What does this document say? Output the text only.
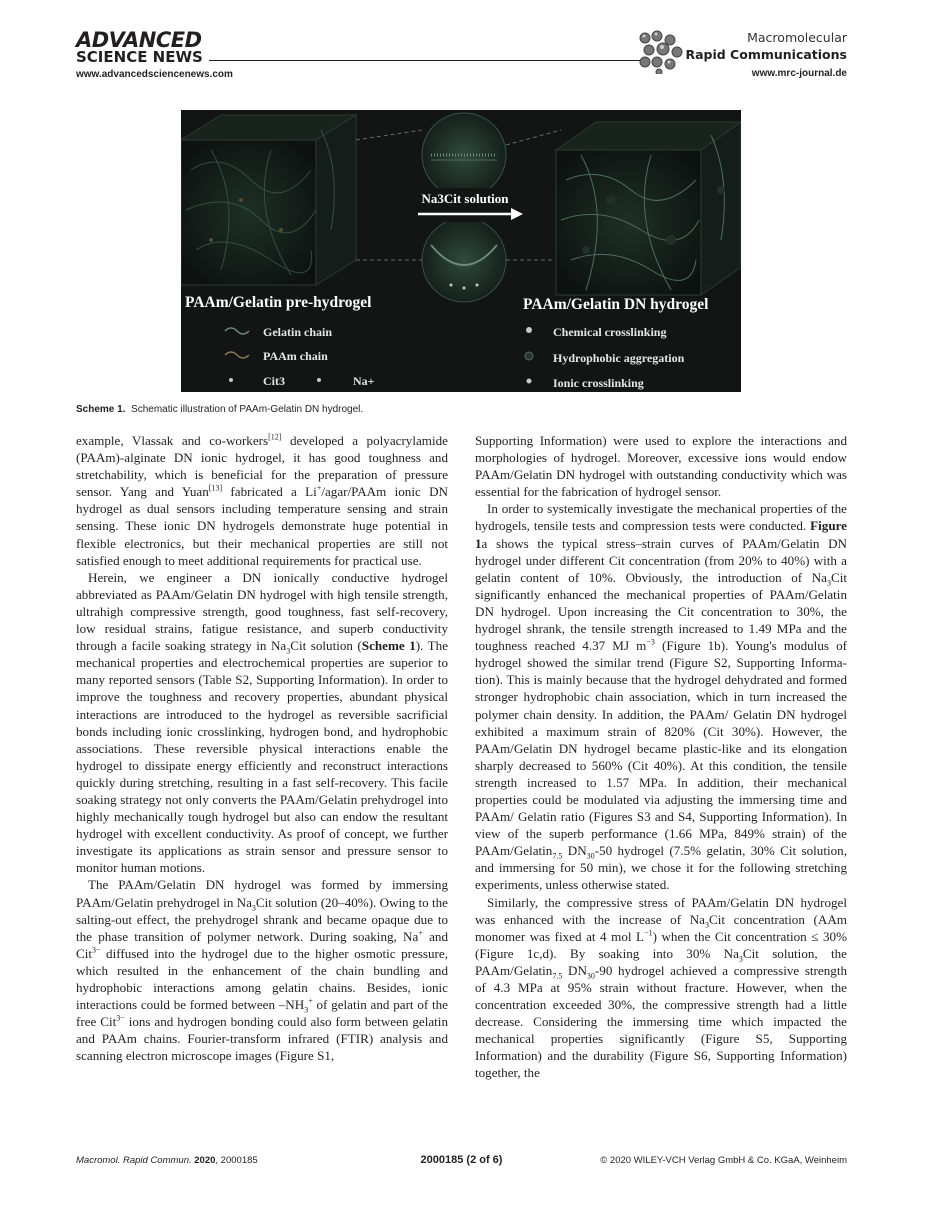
ADVANCED
SCIENCE NEWS
www.advancedsciencenews.com
Macromolecular
Rapid Communications
www.mrc-journal.de
Na3Cit solution
PAAm/Gelatin pre-hydrogel	PAAm/Gelatin DN hydrogel
Gelatin chain
PAAm chain
Cit3	Na+
Chemical crosslinking
Hydrophobic aggregation
Ionic crosslinking
Scheme 1. Schematic illustration of PAAm-Gelatin DN hydrogel.

example, Vlassak and co-workers[12] developed a polyacrylamide (PAAm)-alginate DN ionic hydrogel, it has good toughness and stretchability, which is beneficial for the preparation of pressure sensor. Yang and Yuan[13] fabricated a Li+/agar/PAAm ionic DN hydrogel as dual sensors including temperature sensing and strain sensing. These ionic DN hydrogels demonstrate huge potential in flexible electronics, but their mechanical properties are still not satisfied enough to meet additional requirements for practical use.

Herein, we engineer a DN ionically conductive hydrogel abbreviated as PAAm/Gelatin DN hydrogel with high tensile strength, ultrahigh compressive strength, good toughness, fast self-recovery, low residual strains, fatigue resistance, and superb conductivity through a facile soaking strategy in $Na_3Cit$ solution (Scheme 1). The mechanical properties and electrochemical properties are superior to many reported sensors (Table S2, Supporting Information). In order to improve the toughness and recovery properties, abundant physical interactions are introduced to the hydrogel as reversible sacrificial bonds including ionic crosslinking, hydrogen bond, and hydrophobic associations. These reversible physical interactions enable the hydrogel to dissipate energy efficiently and reconstruct interactions quickly during stretching, resulting in a fast self-recovery. This facile soaking strategy not only converts the PAAm/Gelatin prehydrogel into highly mechanically tough hydrogel but also can endow the resultant hydrogel with excellent conductivity. As proof of concept, we further investigate its applications as strain sensor and pressure sensor to monitor human motions.

The PAAm/Gelatin DN hydrogel was formed by immersing PAAm/Gelatin prehydrogel in $Na_3Cit$ solution (20–40%). Owing to the salting-out effect, the prehydrogel shrank and became opaque due to the phase transition of polymer network. During soaking, Na+ and Cit$^{3-}$ diffused into the hydrogel due to the higher osmotic pressure, which resulted in the enhancement of the chain bundling and hydrophobic interactions among gelatin chains. Besides, ionic interactions could be formed between $-NH_3^+$ of gelatin and part of the free Cit$^{3-}$ ions and hydrogen bonding could also form between gelatin and PAAm chains. Fourier-transform infrared (FTIR) analysis and scanning electron microscope images (Figure S1,

Supporting Information) were used to explore the interactions and morphologies of hydrogel. Moreover, excessive ions would endow PAAm/Gelatin DN hydrogel with outstanding conductivity which was essential for the fabrication of hydrogel sensor.

In order to systemically investigate the mechanical properties of the hydrogels, tensile tests and compression tests were conducted. Figure 1a shows the typical stress–strain curves of PAAm/Gelatin DN hydrogel under different Cit concentration (from 20% to 40%) with a gelatin content of 10%. Obviously, the introduction of $Na_3Cit$ significantly enhanced the mechanical properties of PAAm/Gelatin DN hydrogel. Upon increasing the Cit concentration to 30%, the hydrogel shrank, the tensile strength increased to 1.49 MPa and the toughness reached 4.37 MJ $m^{-3}$ (Figure 1b). Young's modulus of hydrogel showed the similar trend (Figure S2, Supporting Information). This is mainly because that the hydrogel dehydrated and formed stronger hydrophobic chain association, which in turn increased the polymer chain density. In addition, the PAAm/ Gelatin DN hydrogel exhibited a maximum strain of 820% (Cit 30%). However, the PAAm/Gelatin DN hydrogel became plastic-like and its elongation sharply decreased to 560% (Cit 40%). At this condition, the tensile strength increased to 1.57 MPa. In addition, their mechanical properties could be modulated via adjusting the immersing time and PAAm/ Gelatin ratio (Figures S3 and S4, Supporting Information). In view of the superb performance (1.66 MPa, 849% strain) of the PAAm/Gelatin$_{7.5}$ $DN_{30}-50$ hydrogel (7.5% gelatin, 30% Cit solution, and immersing for 50 min), we chose it for the following stretching experiments, unless otherwise stated.

Similarly, the compressive stress of PAAm/Gelatin DN hydrogel was enhanced with the increase of $Na_3Cit$ concentration (AAm monomer was fixed at 4 mol $L^{-1}$) when the Cit concentration ≤ 30% (Figure 1c,d). By soaking into 30% $Na_3Cit$ solution, the PAAm/Gelatin$_{7.5}$ $DN_{30}-90$ hydrogel achieved a compressive strength of 4.3 MPa at 95% strain without fracture. However, when the concentration exceeded 30%, the compressive strength had a little decrease. Considering the immersing time which impacted the mechanical properties significantly (Figure S5, Supporting Information) and the durability (Figure S6, Supporting Information) together, the

Macromol. Rapid Commun. 2020, 2000185	2000185 (2 of 6)	© 2020 WILEY-VCH Verlag GmbH & Co. KGaA, Weinheim
